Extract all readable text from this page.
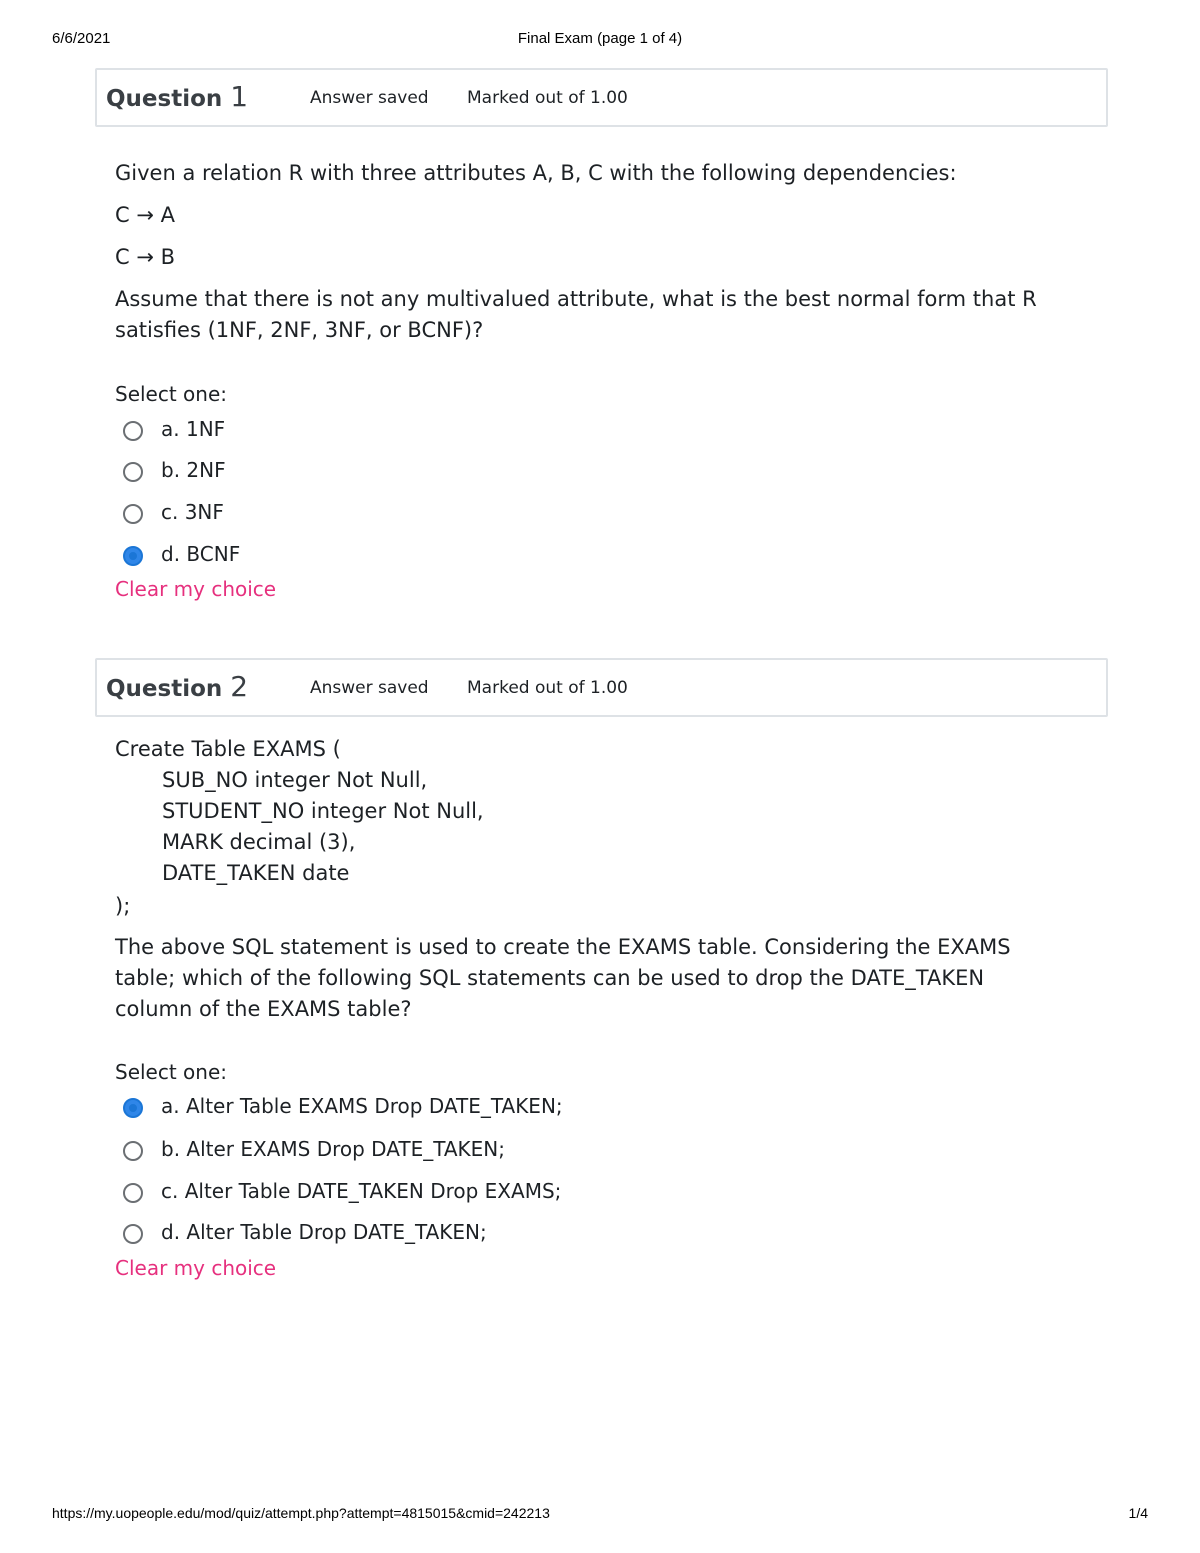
6/6/2021	Final Exam (page 1 of 4)
Question 1	Answer saved Marked out of 1.00
Given a relation R with three attributes A, B, C with the following dependencies:
C → A
C → B
Assume that there is not any multivalued attribute, what is the best normal form that R satisfies (1NF, 2NF, 3NF, or BCNF)?
Select one:
a. 1NF
b. 2NF
c. 3NF
d. BCNF
Clear my choice
Question 2	Answer saved Marked out of 1.00
Create Table EXAMS (
SUB_NO integer Not Null,
STUDENT_NO integer Not Null,
MARK decimal (3),
DATE_TAKEN date
);
The above SQL statement is used to create the EXAMS table. Considering the EXAMS table; which of the following SQL statements can be used to drop the DATE_TAKEN column of the EXAMS table?
Select one:
a. Alter Table EXAMS Drop DATE_TAKEN;
b. Alter EXAMS Drop DATE_TAKEN;
c. Alter Table DATE_TAKEN Drop EXAMS;
d. Alter Table Drop DATE_TAKEN;
Clear my choice
https://my.uopeople.edu/mod/quiz/attempt.php?attempt=4815015&cmid=242213	1/4
